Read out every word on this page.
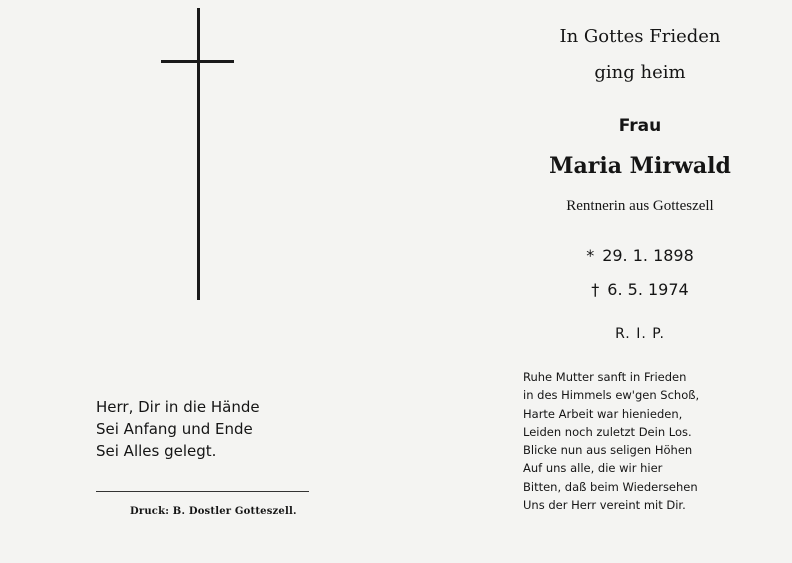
Herr, Dir in die Hände
Sei Anfang und Ende
Sei Alles gelegt.
Druck: B. Dostler Gotteszell.
In Gottes Frieden
ging heim
Frau
Maria Mirwald
Rentnerin aus Gotteszell
* 29. 1. 1898
† 6. 5. 1974
R. I. P.
Ruhe Mutter sanft in Frieden
in des Himmels ew'gen Schoß,
Harte Arbeit war hienieden,
Leiden noch zuletzt Dein Los.
Blicke nun aus seligen Höhen
Auf uns alle, die wir hier
Bitten, daß beim Wiedersehen
Uns der Herr vereint mit Dir.
